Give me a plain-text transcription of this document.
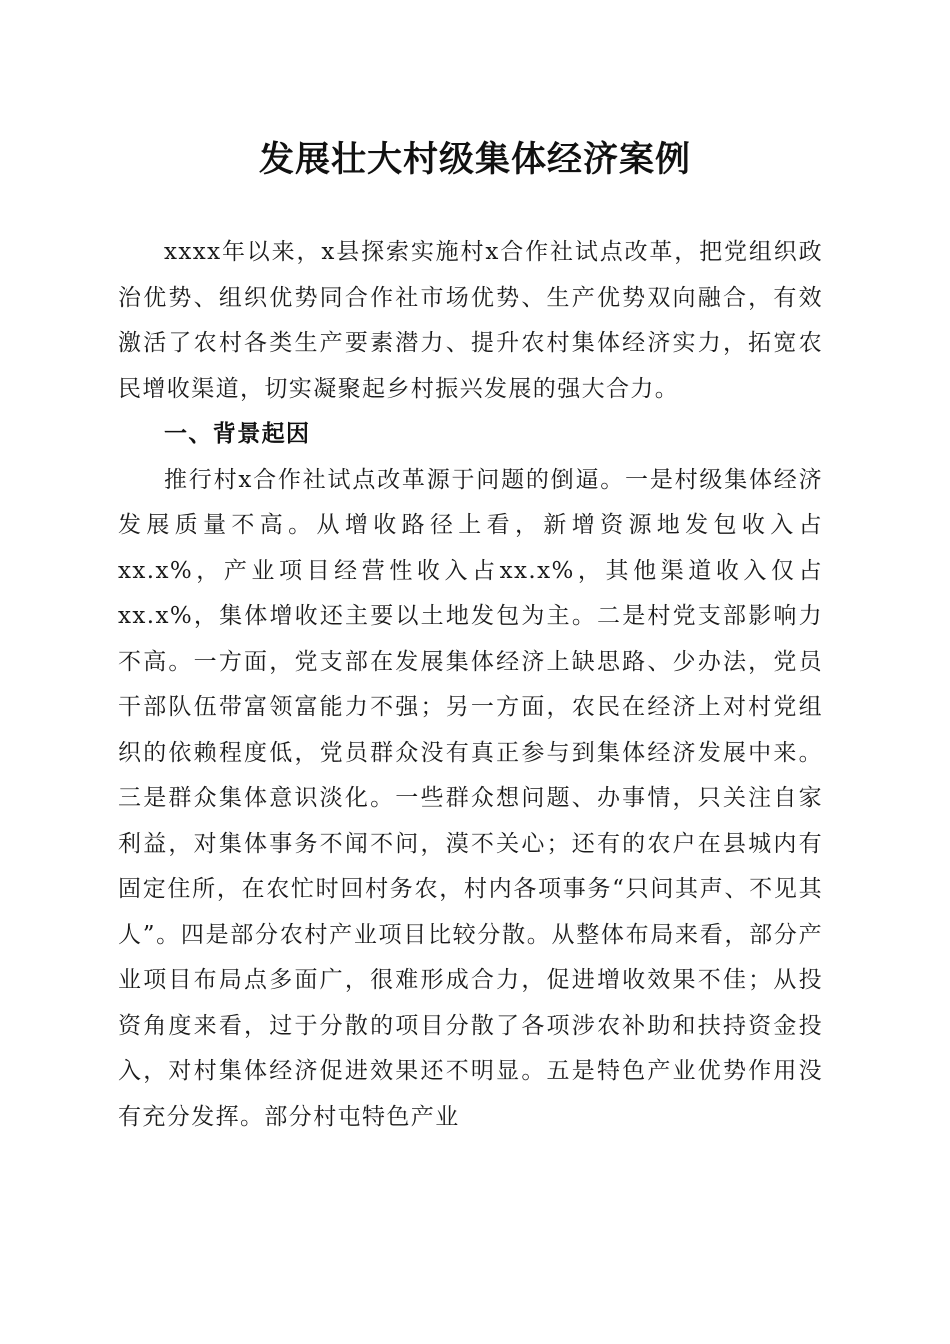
发展壮大村级集体经济案例

xxxx年以来，x县探索实施村x合作社试点改革，把党组织政治优势、组织优势同合作社市场优势、生产优势双向融合，有效激活了农村各类生产要素潜力、提升农村集体经济实力，拓宽农民增收渠道，切实凝聚起乡村振兴发展的强大合力。

一、背景起因

推行村x合作社试点改革源于问题的倒逼。一是村级集体经济发展质量不高。从增收路径上看，新增资源地发包收入占xx.x%，产业项目经营性收入占xx.x%，其他渠道收入仅占xx.x%，集体增收还主要以土地发包为主。二是村党支部影响力不高。一方面，党支部在发展集体经济上缺思路、少办法，党员干部队伍带富领富能力不强；另一方面，农民在经济上对村党组织的依赖程度低，党员群众没有真正参与到集体经济发展中来。三是群众集体意识淡化。一些群众想问题、办事情，只关注自家利益，对集体事务不闻不问，漠不关心；还有的农户在县城内有固定住所，在农忙时回村务农，村内各项事务“只问其声、不见其人”。四是部分农村产业项目比较分散。从整体布局来看，部分产业项目布局点多面广，很难形成合力，促进增收效果不佳；从投资角度来看，过于分散的项目分散了各项涉农补助和扶持资金投入，对村集体经济促进效果还不明显。五是特色产业优势作用没有充分发挥。部分村屯特色产业
